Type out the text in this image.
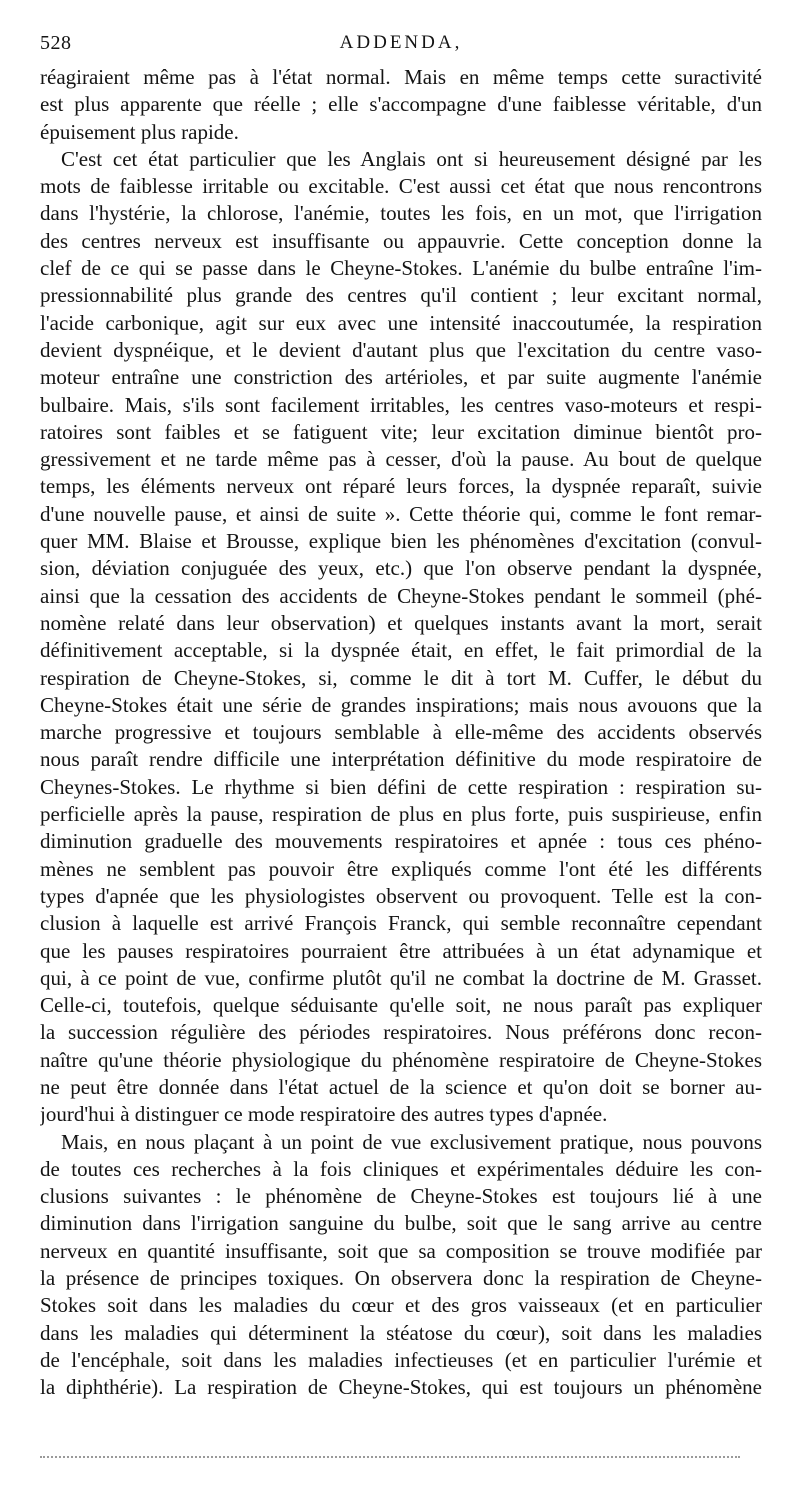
528	ADDENDA,
réagiraient même pas à l'état normal. Mais en même temps cette suractivité
est plus apparente que réelle ; elle s'accompagne d'une faiblesse véritable, d'un
épuisement plus rapide.
C'est cet état particulier que les Anglais ont si heureusement désigné par les
mots de faiblesse irritable ou excitable. C'est aussi cet état que nous rencontrons
dans l'hystérie, la chlorose, l'anémie, toutes les fois, en un mot, que l'irrigation
des centres nerveux est insuffisante ou appauvrie. Cette conception donne la
clef de ce qui se passe dans le Cheyne-Stokes. L'anémie du bulbe entraîne l'im-
pressionnabilité plus grande des centres qu'il contient ; leur excitant normal,
l'acide carbonique, agit sur eux avec une intensité inaccoutumée, la respiration
devient dyspnéique, et le devient d'autant plus que l'excitation du centre vaso-
moteur entraîne une constriction des artérioles, et par suite augmente l'anémie
bulbaire. Mais, s'ils sont facilement irritables, les centres vaso-moteurs et respi-
ratoires sont faibles et se fatiguent vite; leur excitation diminue bientôt pro-
gressivement et ne tarde même pas à cesser, d'où la pause. Au bout de quelque
temps, les éléments nerveux ont réparé leurs forces, la dyspnée reparaît, suivie
d'une nouvelle pause, et ainsi de suite ». Cette théorie qui, comme le font remar-
quer MM. Blaise et Brousse, explique bien les phénomènes d'excitation (convul-
sion, déviation conjuguée des yeux, etc.) que l'on observe pendant la dyspnée,
ainsi que la cessation des accidents de Cheyne-Stokes pendant le sommeil (phé-
nomène relaté dans leur observation) et quelques instants avant la mort, serait
définitivement acceptable, si la dyspnée était, en effet, le fait primordial de la
respiration de Cheyne-Stokes, si, comme le dit à tort M. Cuffer, le début du
Cheyne-Stokes était une série de grandes inspirations; mais nous avouons que la
marche progressive et toujours semblable à elle-même des accidents observés
nous paraît rendre difficile une interprétation définitive du mode respiratoire de
Cheynes-Stokes. Le rhythme si bien défini de cette respiration : respiration su-
perficielle après la pause, respiration de plus en plus forte, puis suspirieuse, enfin
diminution graduelle des mouvements respiratoires et apnée : tous ces phéno-
mènes ne semblent pas pouvoir être expliqués comme l'ont été les différents
types d'apnée que les physiologistes observent ou provoquent. Telle est la con-
clusion à laquelle est arrivé François Franck, qui semble reconnaître cependant
que les pauses respiratoires pourraient être attribuées à un état adynamique et
qui, à ce point de vue, confirme plutôt qu'il ne combat la doctrine de M. Grasset.
Celle-ci, toutefois, quelque séduisante qu'elle soit, ne nous paraît pas expliquer
la succession régulière des périodes respiratoires. Nous préférons donc recon-
naître qu'une théorie physiologique du phénomène respiratoire de Cheyne-Stokes
ne peut être donnée dans l'état actuel de la science et qu'on doit se borner au-
jourd'hui à distinguer ce mode respiratoire des autres types d'apnée.
Mais, en nous plaçant à un point de vue exclusivement pratique, nous pouvons
de toutes ces recherches à la fois cliniques et expérimentales déduire les con-
clusions suivantes : le phénomène de Cheyne-Stokes est toujours lié à une
diminution dans l'irrigation sanguine du bulbe, soit que le sang arrive au centre
nerveux en quantité insuffisante, soit que sa composition se trouve modifiée par
la présence de principes toxiques. On observera donc la respiration de Cheyne-
Stokes soit dans les maladies du cœur et des gros vaisseaux (et en particulier
dans les maladies qui déterminent la stéatose du cœur), soit dans les maladies
de l'encéphale, soit dans les maladies infectieuses (et en particulier l'urémie et
la diphthérie). La respiration de Cheyne-Stokes, qui est toujours un phénomène
